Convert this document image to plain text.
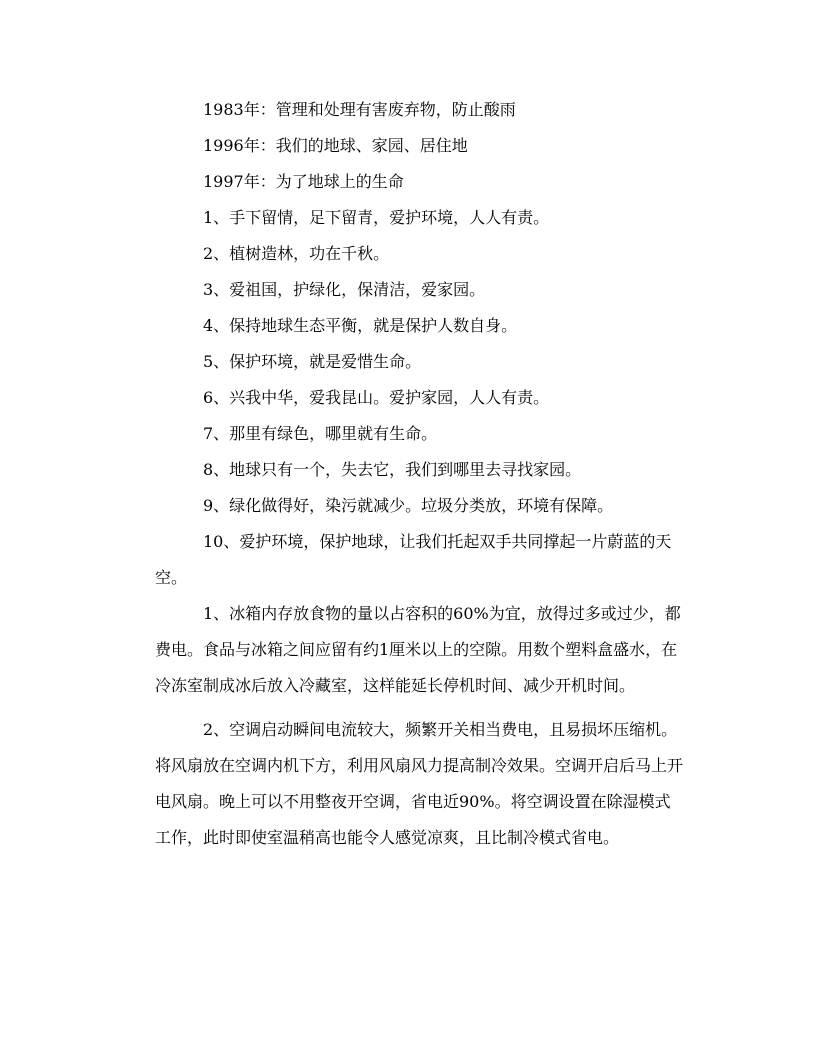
1983年：管理和处理有害废弃物，防止酸雨
1996年：我们的地球、家园、居住地
1997年：为了地球上的生命
1、手下留情，足下留青，爱护环境，人人有责。
2、植树造林，功在千秋。
3、爱祖国，护绿化，保清洁，爱家园。
4、保持地球生态平衡，就是保护人数自身。
5、保护环境，就是爱惜生命。
6、兴我中华，爱我昆山。爱护家园，人人有责。
7、那里有绿色，哪里就有生命。
8、地球只有一个，失去它，我们到哪里去寻找家园。
9、绿化做得好，染污就减少。垃圾分类放，环境有保障。

10、爱护环境，保护地球，让我们托起双手共同撑起一片蔚蓝的天空。

1、冰箱内存放食物的量以占容积的60%为宜，放得过多或过少，都费电。食品与冰箱之间应留有约1厘米以上的空隙。用数个塑料盒盛水，在冷冻室制成冰后放入冷藏室，这样能延长停机时间、减少开机时间。

2、空调启动瞬间电流较大，频繁开关相当费电，且易损坏压缩机。将风扇放在空调内机下方，利用风扇风力提高制冷效果。空调开启后马上开电风扇。晚上可以不用整夜开空调，省电近90%。将空调设置在除湿模式工作，此时即使室温稍高也能令人感觉凉爽，且比制冷模式省电。
